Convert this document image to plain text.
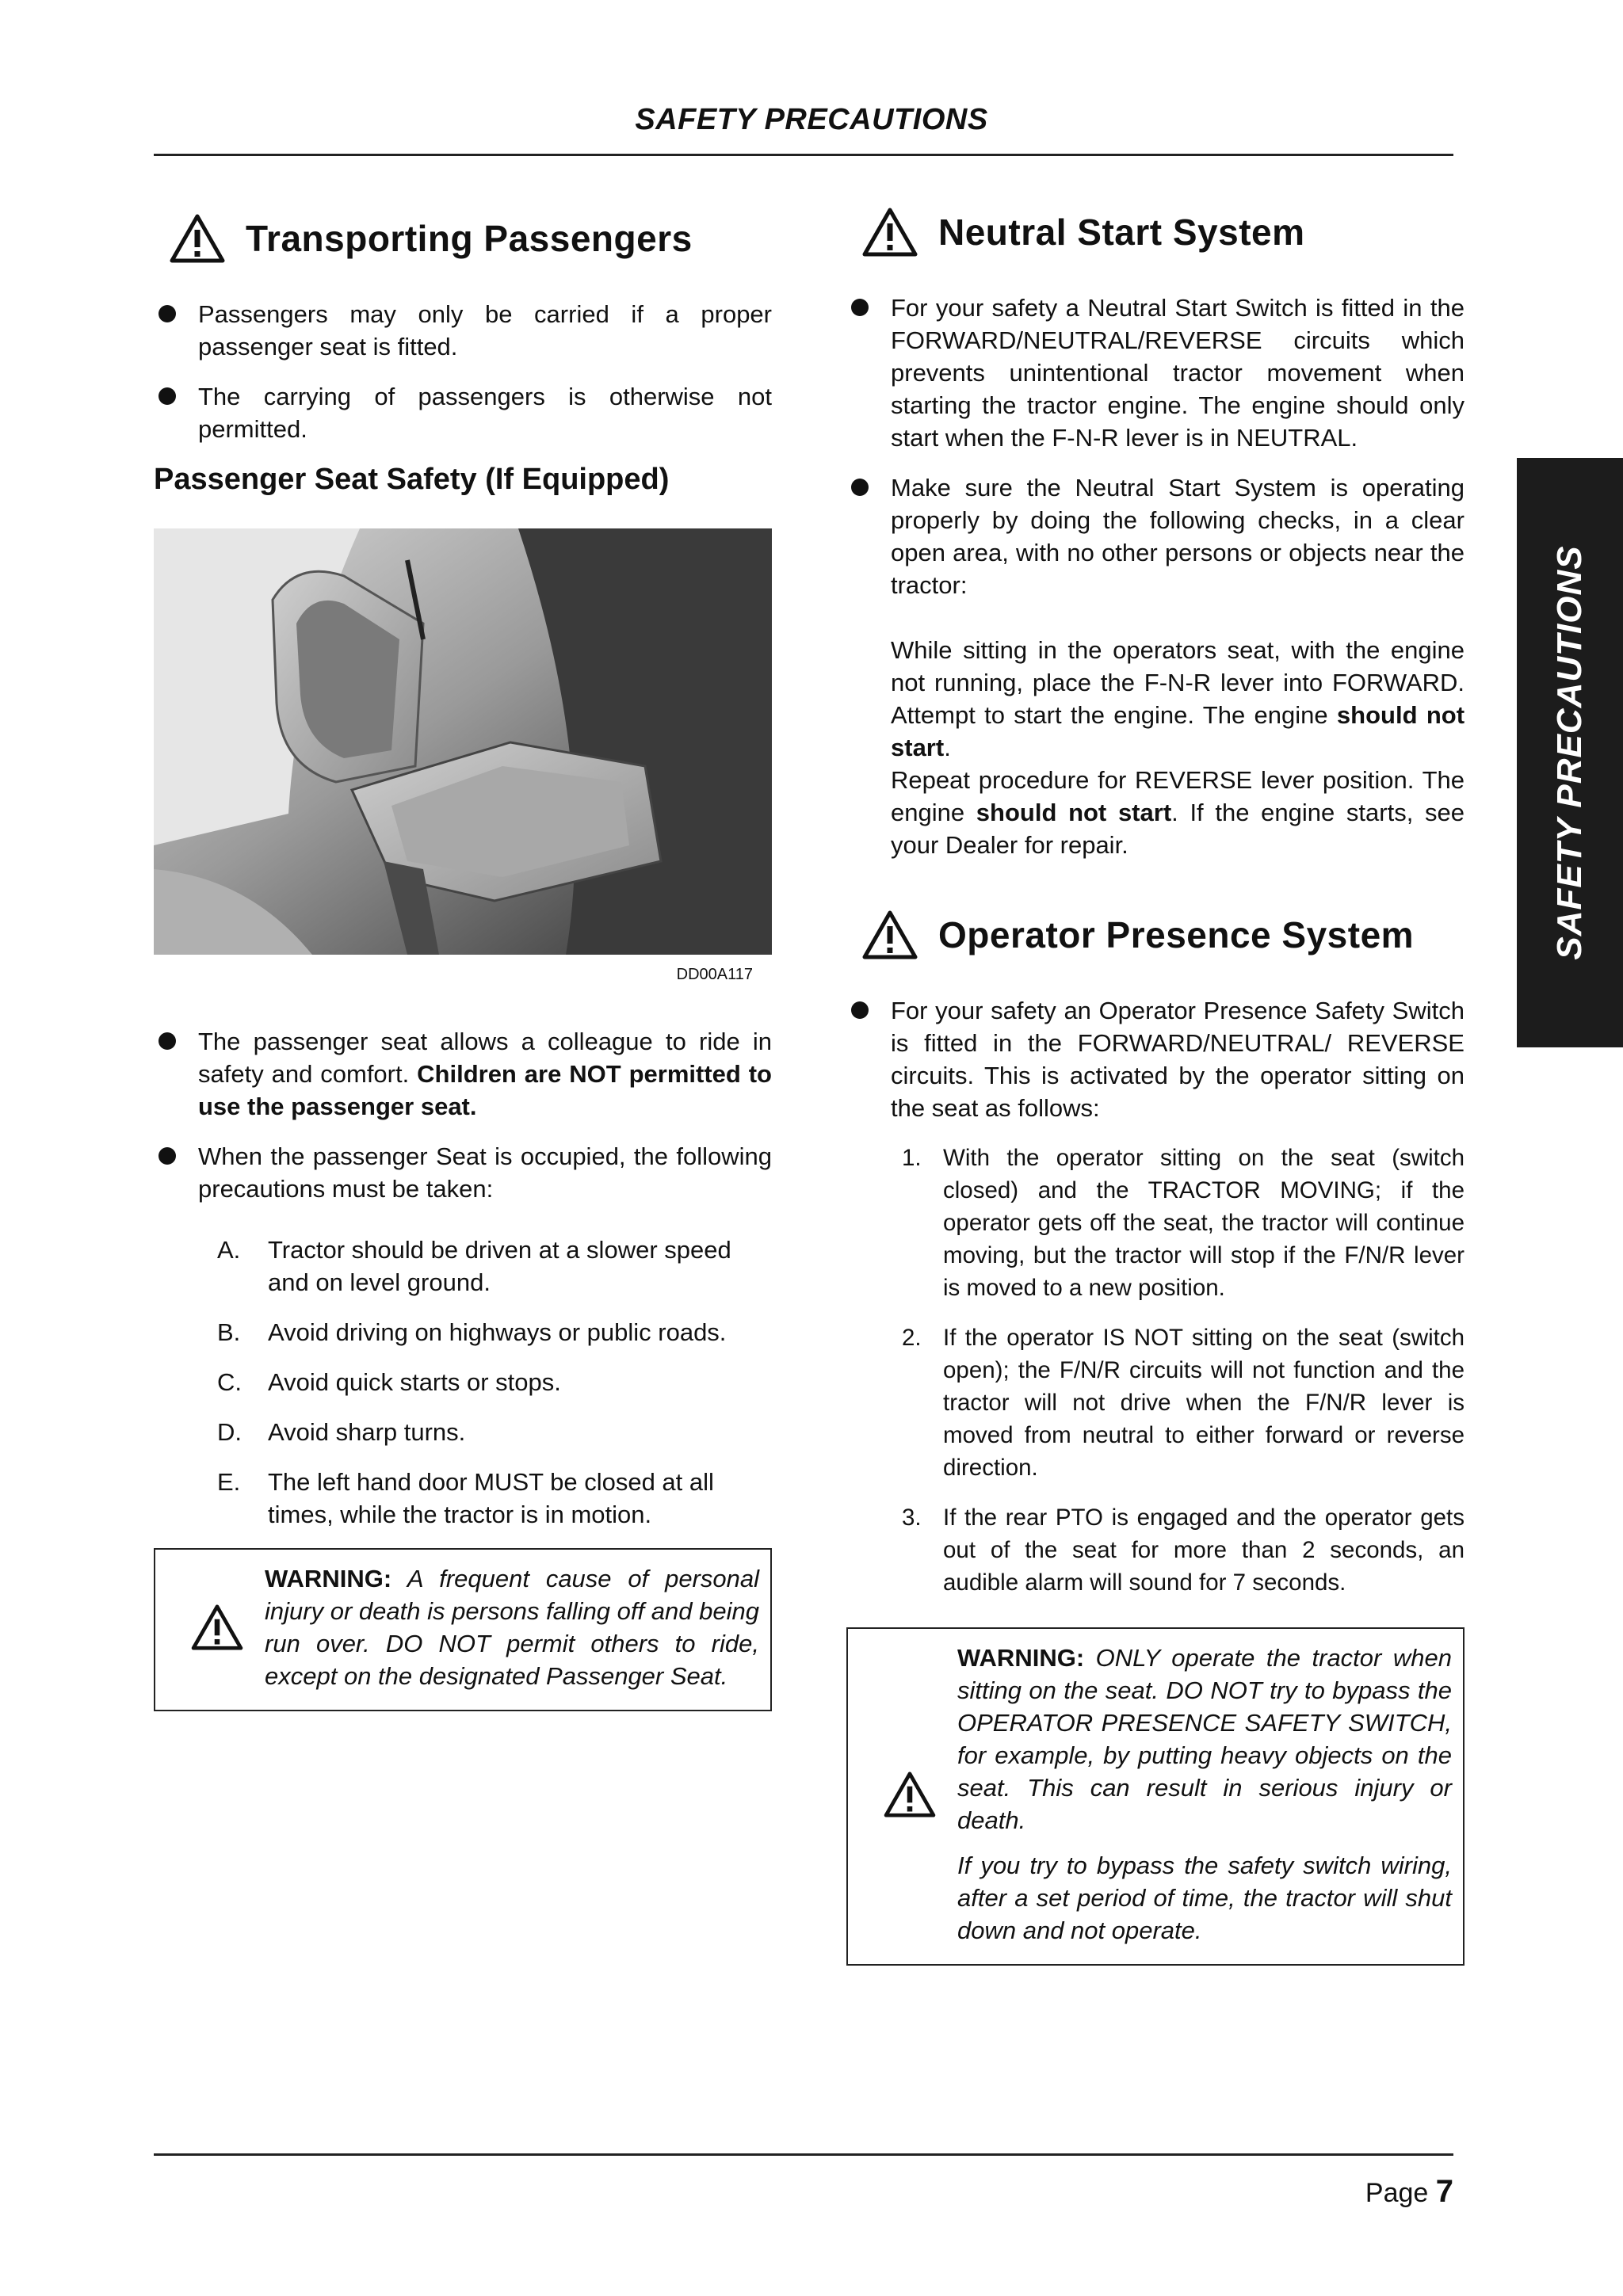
SAFETY PRECAUTIONS
SAFETY PRECAUTIONS
Transporting Passengers

Passengers may only be carried if a proper passenger seat is fitted.

The carrying of passengers is otherwise not permitted.

Passenger Seat Safety (If Equipped)
DD00A117

The passenger seat allows a colleague to ride in safety and comfort. Children are NOT permitted to use the passenger seat.

When the passenger Seat is occupied, the following precautions must be taken:

A.	Tractor should be driven at a slower speed and on level ground.
B.	Avoid driving on highways or public roads.
C.	Avoid quick starts or stops.
D.	Avoid sharp turns.
E.	The left hand door MUST be closed at all times, while the tractor is in motion.

WARNING: A frequent cause of personal injury or death is persons falling off and being run over. DO NOT permit others to ride, except on the designated Passenger Seat.

Neutral Start System

For your safety a Neutral Start Switch is fitted in the FORWARD/NEUTRAL/REVERSE circuits which prevents unintentional tractor movement when starting the tractor engine. The engine should only start when the F-N-R lever is in NEUTRAL.

Make sure the Neutral Start System is operating properly by doing the following checks, in a clear open area, with no other persons or objects near the tractor:

While sitting in the operators seat, with the engine not running, place the F-N-R lever into FORWARD. Attempt to start the engine. The engine should not start.
Repeat procedure for REVERSE lever position. The engine should not start. If the engine starts, see your Dealer for repair.

Operator Presence System

For your safety an Operator Presence Safety Switch is fitted in the FORWARD/NEUTRAL/ REVERSE circuits. This is activated by the operator sitting on the seat as follows:

1. With the operator sitting on the seat (switch closed) and the TRACTOR MOVING; if the operator gets off the seat, the tractor will continue moving, but the tractor will stop if the F/N/R lever is moved to a new position.
2. If the operator IS NOT sitting on the seat (switch open); the F/N/R circuits will not function and the tractor will not drive when the F/N/R lever is moved from neutral to either forward or reverse direction.
3. If the rear PTO is engaged and the operator gets out of the seat for more than 2 seconds, an audible alarm will sound for 7 seconds.

WARNING: ONLY operate the tractor when sitting on the seat. DO NOT try to bypass the OPERATOR PRESENCE SAFETY SWITCH, for example, by putting heavy objects on the seat. This can result in serious injury or death.

If you try to bypass the safety switch wiring, after a set period of time, the tractor will shut down and not operate.

Page 7
